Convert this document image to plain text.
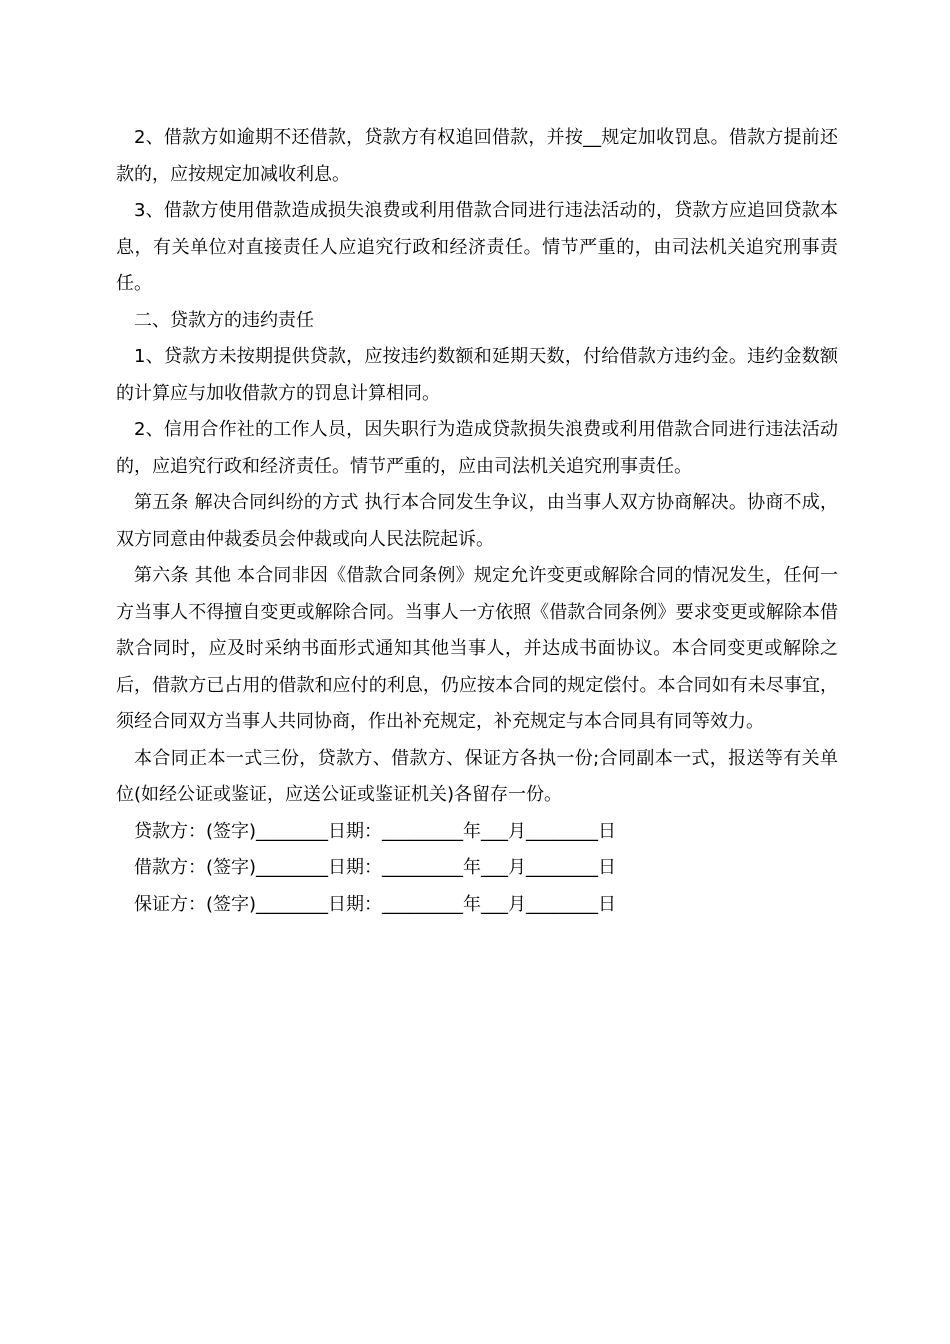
2、借款方如逾期不还借款，贷款方有权追回借款，并按__规定加收罚息。借款方提前还款的，应按规定加减收利息。

3、借款方使用借款造成损失浪费或利用借款合同进行违法活动的，贷款方应追回贷款本息，有关单位对直接责任人应追究行政和经济责任。情节严重的，由司法机关追究刑事责任。

二、贷款方的违约责任

1、贷款方未按期提供贷款，应按违约数额和延期天数，付给借款方违约金。违约金数额的计算应与加收借款方的罚息计算相同。

2、信用合作社的工作人员，因失职行为造成贷款损失浪费或利用借款合同进行违法活动的，应追究行政和经济责任。情节严重的，应由司法机关追究刑事责任。

第五条 解决合同纠纷的方式 执行本合同发生争议，由当事人双方协商解决。协商不成，双方同意由仲裁委员会仲裁或向人民法院起诉。

第六条 其他 本合同非因《借款合同条例》规定允许变更或解除合同的情况发生，任何一方当事人不得擅自变更或解除合同。当事人一方依照《借款合同条例》要求变更或解除本借款合同时，应及时采纳书面形式通知其他当事人，并达成书面协议。本合同变更或解除之后，借款方已占用的借款和应付的利息，仍应按本合同的规定偿付。本合同如有未尽事宜，须经合同双方当事人共同协商，作出补充规定，补充规定与本合同具有同等效力。

本合同正本一式三份，贷款方、借款方、保证方各执一份;合同副本一式，报送等有关单位(如经公证或鉴证，应送公证或鉴证机关)各留存一份。

贷款方：(签字)________日期：_________年___月________日

借款方：(签字)________日期：_________年___月________日

保证方：(签字)________日期：_________年___月________日
